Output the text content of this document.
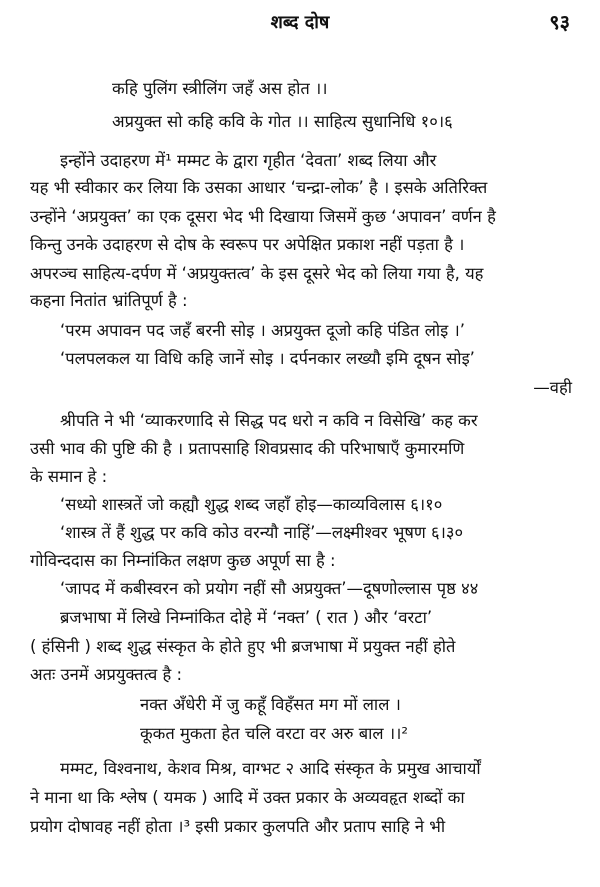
शब्द दोष	९३
कहि पुलिंग स्त्रीलिंग जहँ अस होत ।।
अप्रयुक्त सो कहि कवि के गोत ।। साहित्य सुधानिधि १०।६
इन्होंने उदाहरण में¹ मम्मट के द्वारा गृहीत ‘देवता’ शब्द लिया और
यह भी स्वीकार कर लिया कि उसका आधार ‘चन्द्रा-लोक’ है । इसके अतिरिक्त
उन्होंने ‘अप्रयुक्त’ का एक दूसरा भेद भी दिखाया जिसमें कुछ ‘अपावन’ वर्णन है
किन्तु उनके उदाहरण से दोष के स्वरूप पर अपेक्षित प्रकाश नहीं पड़ता है ।
अपरञ्च साहित्य-दर्पण में ‘अप्रयुक्तत्व’ के इस दूसरे भेद को लिया गया है, यह
कहना नितांत भ्रांतिपूर्ण है :
‘परम अपावन पद जहँ बरनी सोइ । अप्रयुक्त दूजो कहि पंडित लोइ ।’
‘पलपलकल या विधि कहि जानें सोइ । दर्पनकार लख्यौ इमि दूषन सोइ’
—वही
श्रीपति ने भी ‘व्याकरणादि से सिद्ध पद धरो न कवि न विसेखि’ कह कर
उसी भाव की पुष्टि की है । प्रतापसाहि शिवप्रसाद की परिभाषाएँ कुमारमणि
के समान हे :
‘सध्यो शास्त्रतें जो कह्यौ शुद्ध शब्द जहाँ होइ—काव्यविलास ६।१०
‘शास्त्र तें हैं शुद्ध पर कवि कोउ वरन्यौ नाहिं’—लक्ष्मीश्वर भूषण ६।३०
गोविन्ददास का निम्नांकित लक्षण कुछ अपूर्ण सा है :
‘जापद में कबीस्वरन को प्रयोग नहीं सौ अप्रयुक्त’—दूषणोल्लास पृष्ठ ४४
ब्रजभाषा में लिखे निम्नांकित दोहे में ‘नक्त’ ( रात ) और ‘वरटा’
( हंसिनी ) शब्द शुद्ध संस्कृत के होते हुए भी ब्रजभाषा में प्रयुक्त नहीं होते
अतः उनमें अप्रयुक्तत्व है :
नक्त अँधेरी में जु कहूँ विहँसत मग मों लाल ।
कूकत मुकता हेत चलि वरटा वर अरु बाल ।।²
मम्मट, विश्वनाथ, केशव मिश्र, वाग्भट २ आदि संस्कृत के प्रमुख आचार्यों
ने माना था कि श्लेष ( यमक ) आदि में उक्त प्रकार के अव्यवहृत शब्दों का
प्रयोग दोषावह नहीं होता ।³ इसी प्रकार कुलपति और प्रताप साहि ने भी
